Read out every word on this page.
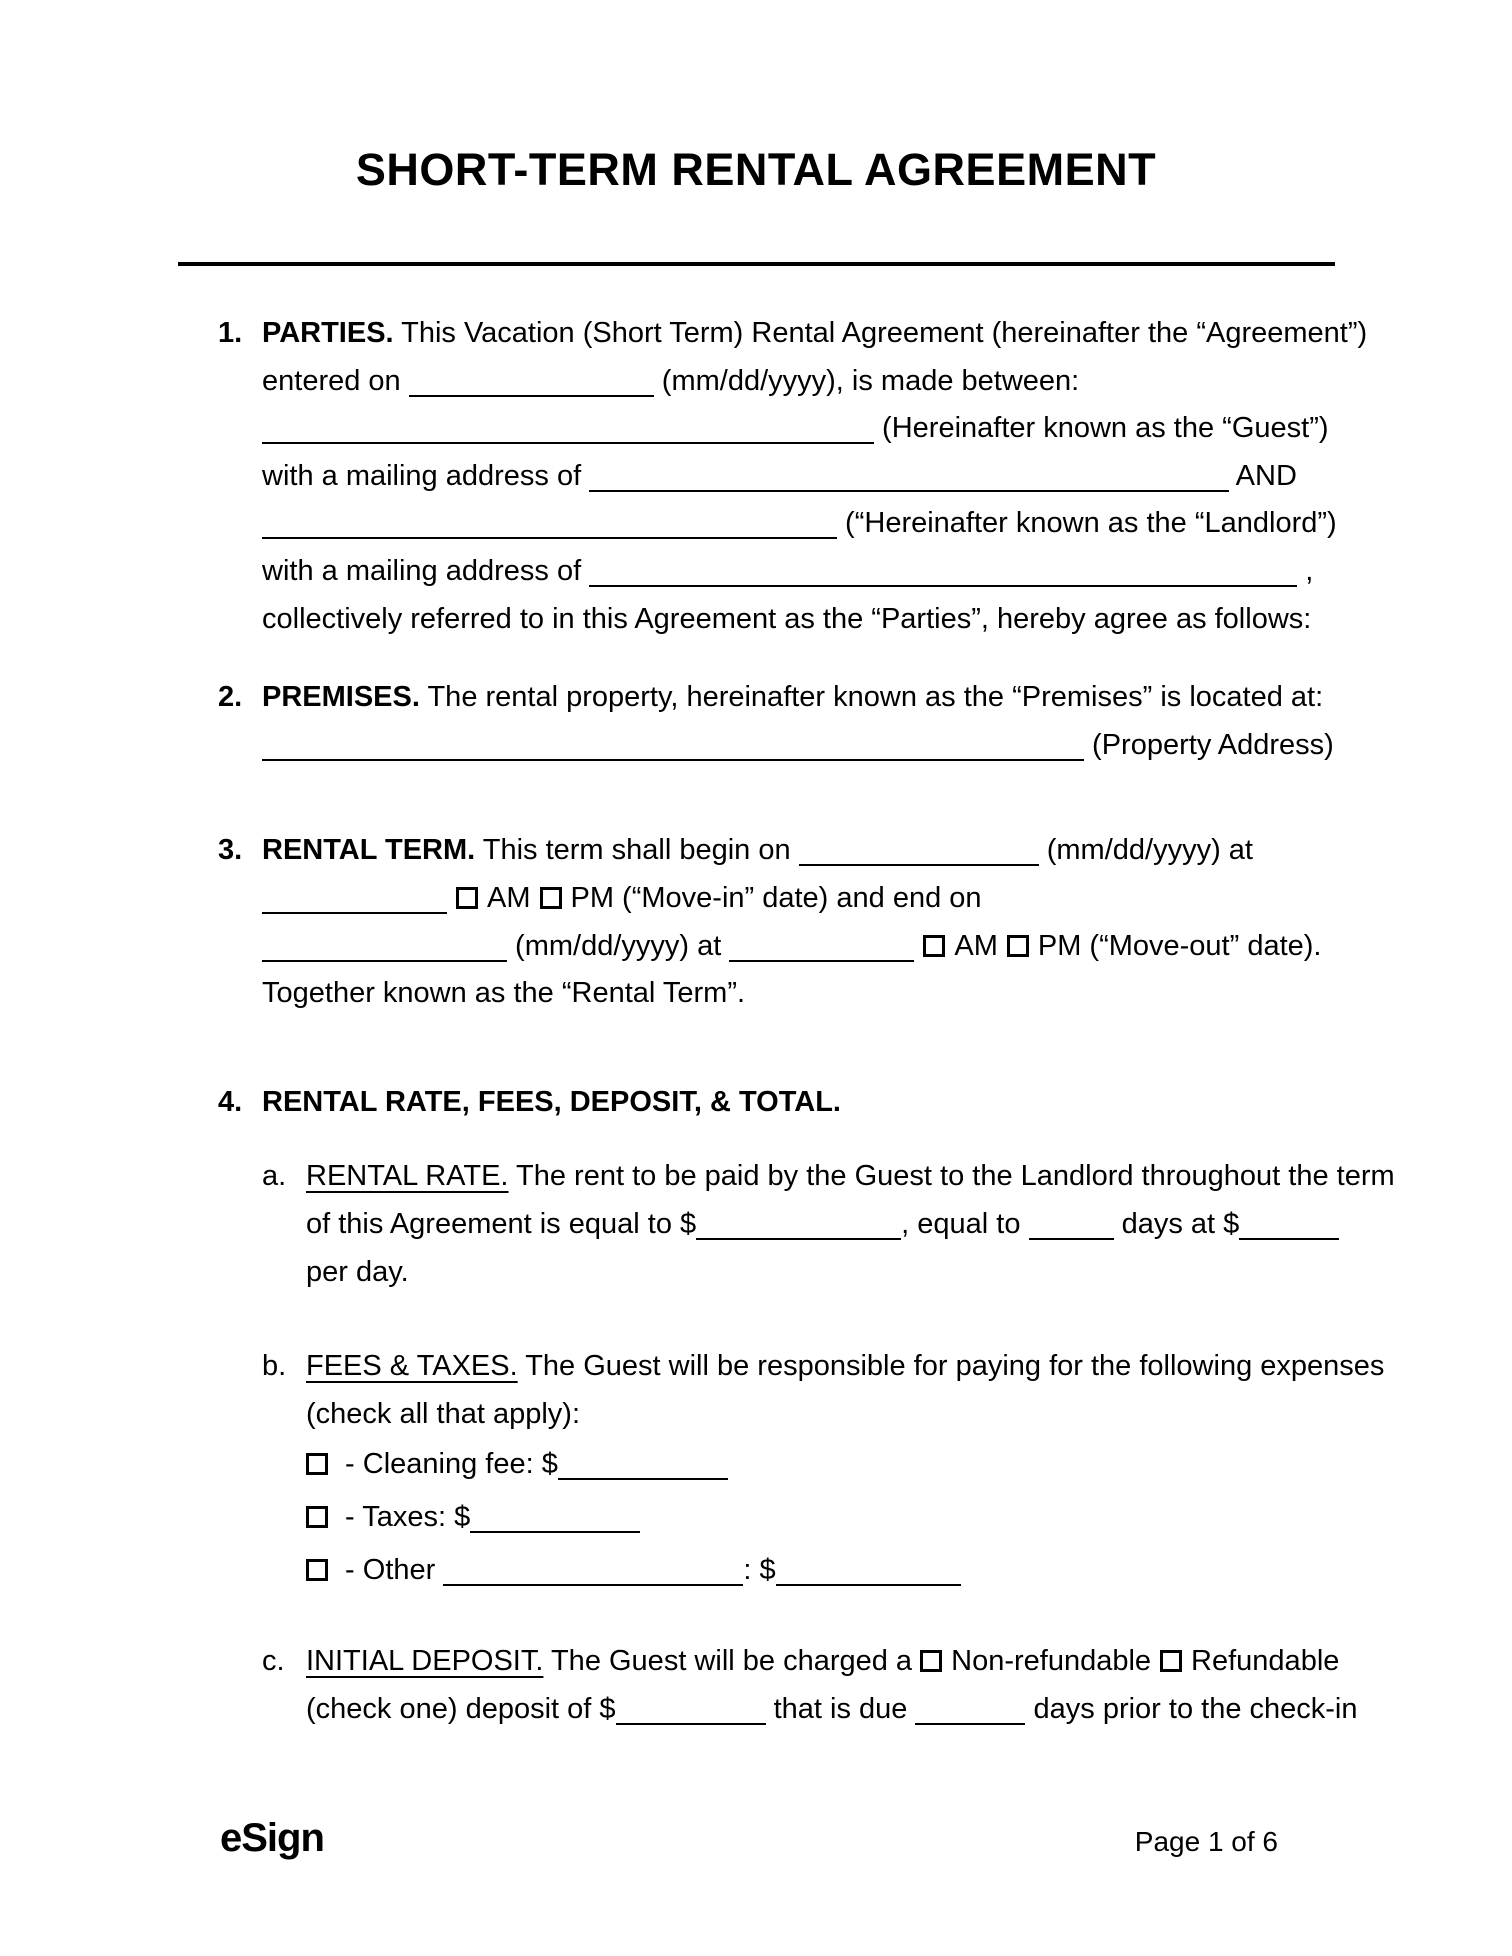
SHORT-TERM RENTAL AGREEMENT
1. PARTIES. This Vacation (Short Term) Rental Agreement (hereinafter the “Agreement”)
entered on	(mm/dd/yyyy), is made between:
(Hereinafter known as the “Guest”)
with a mailing address of	AND
(“Hereinafter known as the “Landlord”)
with a mailing address of	,
collectively referred to in this Agreement as the “Parties”, hereby agree as follows:
2. PREMISES. The rental property, hereinafter known as the “Premises” is located at:
(Property Address)
3. RENTAL TERM. This term shall begin on	(mm/dd/yyyy) at
AM PM (“Move-in” date) and end on
(mm/dd/yyyy) at	AM PM (“Move-out” date).
Together known as the “Rental Term”.
4. RENTAL RATE, FEES, DEPOSIT, & TOTAL.
a. RENTAL RATE. The rent to be paid by the Guest to the Landlord throughout the term
of this Agreement is equal to $	, equal to	days at $
per day.
b. FEES & TAXES. The Guest will be responsible for paying for the following expenses
(check all that apply):
- Cleaning fee: $
- Taxes: $
- Other	: $
c. INITIAL DEPOSIT. The Guest will be charged a Non-refundable Refundable
(check one) deposit of $	that is due	days prior to the check-in
eSign	Page 1 of 6
